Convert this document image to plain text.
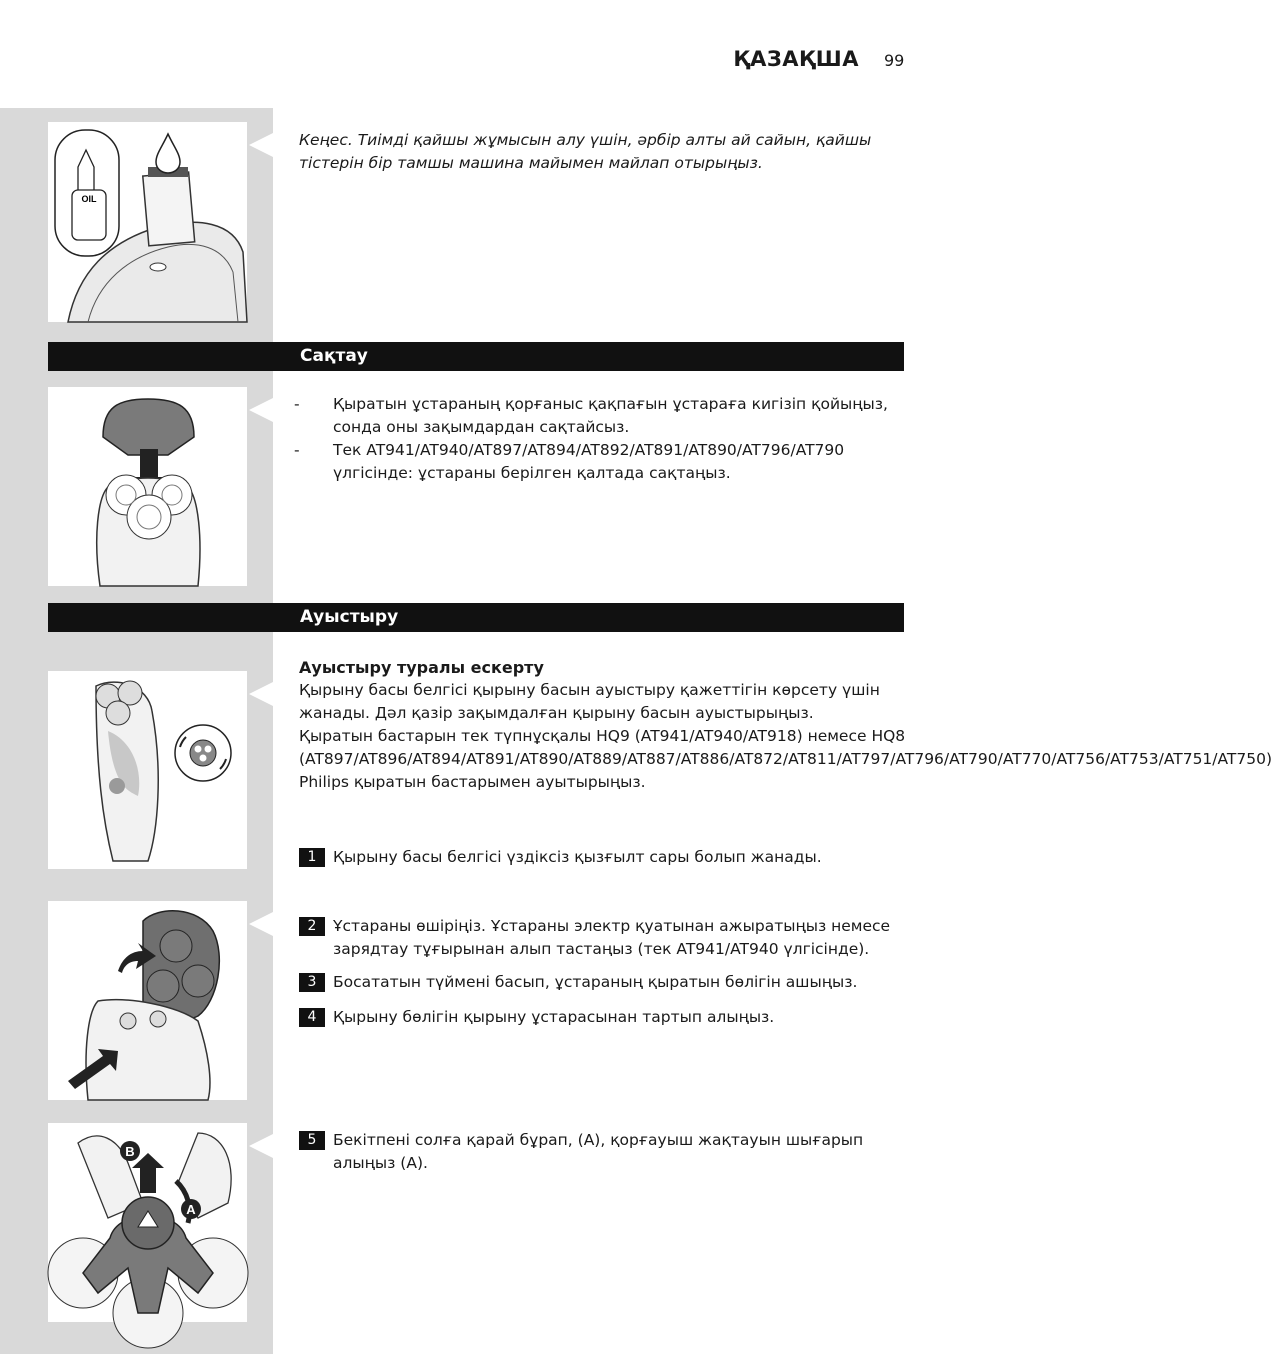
ҚАЗАҚША 99
OIL
Кеңес. Тиімді қайшы жұмысын алу үшін, әрбір алты ай сайын, қайшы тістерін бір тамшы машина майымен майлап отырыңыз.
Сақтау
- Қыратын ұстараның қорғаныс қақпағын ұстараға кигізіп қойыңыз, сонда оны зақымдардан сақтайсыз.
- Тек AT941/AT940/AT897/AT894/AT892/AT891/AT890/AT796/AT790 үлгісінде: ұстараны берілген қалтада сақтаңыз.
Ауыстыру
Ауыстыру туралы ескерту
Қырыну басы белгісі қырыну басын ауыстыру қажеттігін көрсету үшін жанады. Дәл қазір зақымдалған қырыну басын ауыстырыңыз.
Қыратын бастарын тек түпнұсқалы HQ9 (AT941/AT940/AT918) немесе HQ8 (AT897/AT896/AT894/AT891/AT890/AT889/AT887/AT886/AT872/AT811/AT797/AT796/AT790/AT770/AT756/AT753/AT751/AT750) Philips қыратын бастарымен ауытырыңыз.
1	Қырыну басы белгісі үздіксіз қызғылт сары болып жанады.
2	Ұстараны өшіріңіз. Ұстараны электр қуатынан ажыратыңыз немесе зарядтау тұғырынан алып тастаңыз (тек AT941/AT940 үлгісінде).
3	Босататын түймені басып, ұстараның қыратын бөлігін ашыңыз.
4	Қырыну бөлігін қырыну ұстарасынан тартып алыңыз.
B
A
5	Бекітпені солға қарай бұрап, (А), қорғауыш жақтауын шығарып алыңыз (А).
